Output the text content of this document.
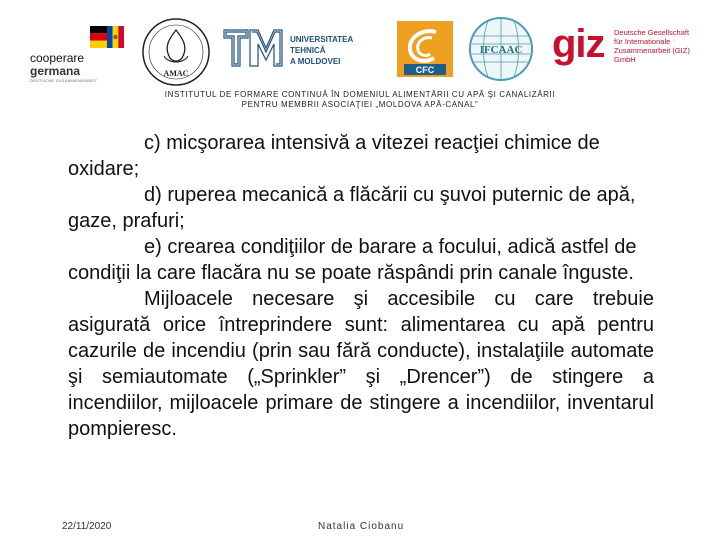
cooperare
germana
DEUTSCHE ZUSAMMENARBEIT
AMAC
UNIVERSITATEA TEHNICĂ
A MOLDOVEI
CFC
IFCAAC giz Deutsche Gesellschaft
für Internationale
Zusammenarbeit (GIZ) GmbH
INSTITUTUL DE FORMARE CONTINUĂ ÎN DOMENIUL ALIMENTĂRII CU APĂ ŞI CANALIZĂRII
PENTRU MEMBRII ASOCIAŢIEI „MOLDOVA APĂ-CANAL”

c) micşorarea intensivă a vitezei reacţiei chimice de oxidare;

d) ruperea mecanică a flăcării cu şuvoi puternic de apă, gaze, prafuri;

e) crearea condiţiilor de barare a focului, adică astfel de condiţii la care flacăra nu se poate răspândi prin canale înguste.

Mijloacele necesare şi accesibile cu care trebuie asigurată orice întreprindere sunt: alimentarea cu apă pentru cazurile de incendiu (prin sau fără conducte), instalaţiile automate şi semiautomate („Sprinkler” şi „Drencer”) de stingere a incendiilor, mijloacele primare de stingere a incendiilor, inventarul pompieresc.

22/11/2020	Natalia Ciobanu
